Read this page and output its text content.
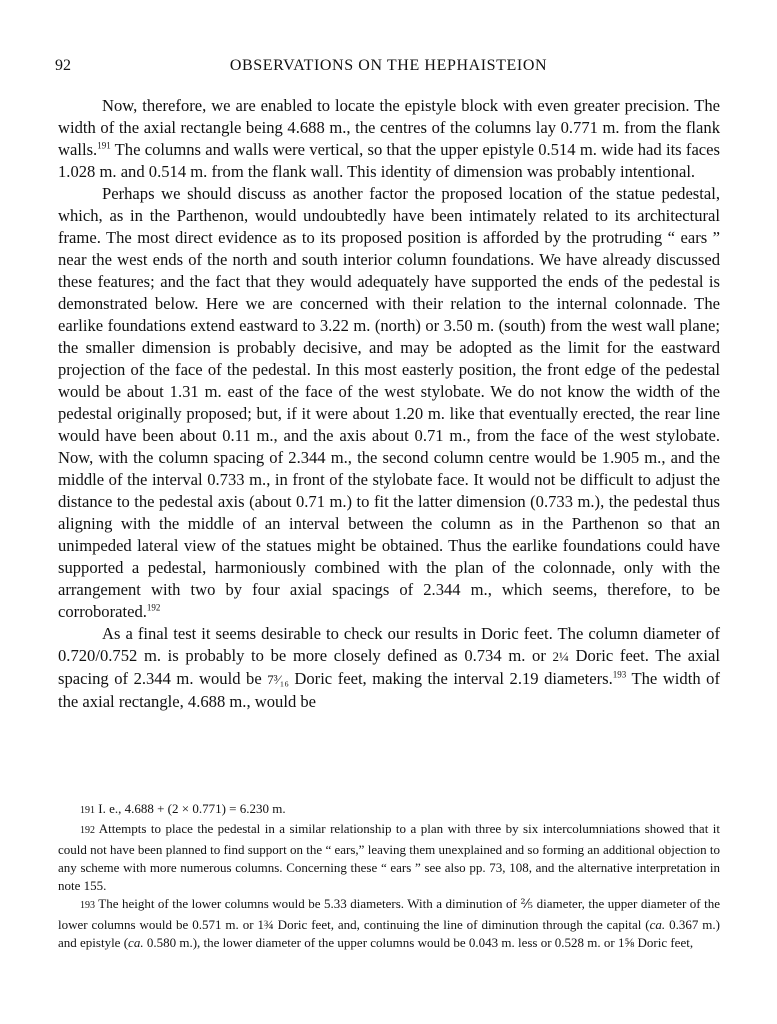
92	OBSERVATIONS ON THE HEPHAISTEION

Now, therefore, we are enabled to locate the epistyle block with even greater precision. The width of the axial rectangle being 4.688 m., the centres of the columns lay 0.771 m. from the flank walls.$^{191}$ The columns and walls were vertical, so that the upper epistyle 0.514 m. wide had its faces 1.028 m. and 0.514 m. from the flank wall. This identity of dimension was probably intentional.

Perhaps we should discuss as another factor the proposed location of the statue pedestal, which, as in the Parthenon, would undoubtedly have been intimately related to its architectural frame. The most direct evidence as to its proposed position is afforded by the protruding “ ears ” near the west ends of the north and south interior column foundations. We have already discussed these features; and the fact that they would adequately have supported the ends of the pedestal is demonstrated below. Here we are concerned with their relation to the internal colonnade. The earlike foundations extend eastward to 3.22 m. (north) or 3.50 m. (south) from the west wall plane; the smaller dimension is probably decisive, and may be adopted as the limit for the eastward projection of the face of the pedestal. In this most easterly position, the front edge of the pedestal would be about 1.31 m. east of the face of the west stylobate. We do not know the width of the pedestal originally proposed; but, if it were about 1.20 m. like that eventually erected, the rear line would have been about 0.11 m., and the axis about 0.71 m., from the face of the west stylobate. Now, with the column spacing of 2.344 m., the second column centre would be 1.905 m., and the middle of the interval 0.733 m., in front of the stylobate face. It would not be difficult to adjust the distance to the pedestal axis (about 0.71 m.) to fit the latter dimension (0.733 m.), the pedestal thus aligning with the middle of an interval between the column as in the Parthenon so that an unimpeded lateral view of the statues might be obtained. Thus the earlike foundations could have supported a pedestal, harmoniously combined with the plan of the colonnade, only with the arrangement with two by four axial spacings of 2.344 m., which seems, therefore, to be corroborated.$^{192}$

As a final test it seems desirable to check our results in Doric feet. The column diameter of 0.720/0.752 m. is probably to be more closely defined as 0.734 m. or 2¼ Doric feet. The axial spacing of 2.344 m. would be 7³⁄₁₆ Doric feet, making the interval 2.19 diameters.$^{193}$ The width of the axial rectangle, 4.688 m., would be

191 I. e., 4.688 + (2 × 0.771) = 6.230 m.

192 Attempts to place the pedestal in a similar relationship to a plan with three by six intercolumniations showed that it could not have been planned to find support on the “ ears,” leaving them unexplained and so forming an additional objection to any scheme with more numerous columns. Concerning these “ ears ” see also pp. 73, 108, and the alternative interpretation in note 155.

193 The height of the lower columns would be 5.33 diameters. With a diminution of ⅖ diameter, the upper diameter of the lower columns would be 0.571 m. or 1¾ Doric feet, and, continuing the line of diminution through the capital (ca. 0.367 m.) and epistyle (ca. 0.580 m.), the lower diameter of the upper columns would be 0.043 m. less or 0.528 m. or 1⅝ Doric feet,
